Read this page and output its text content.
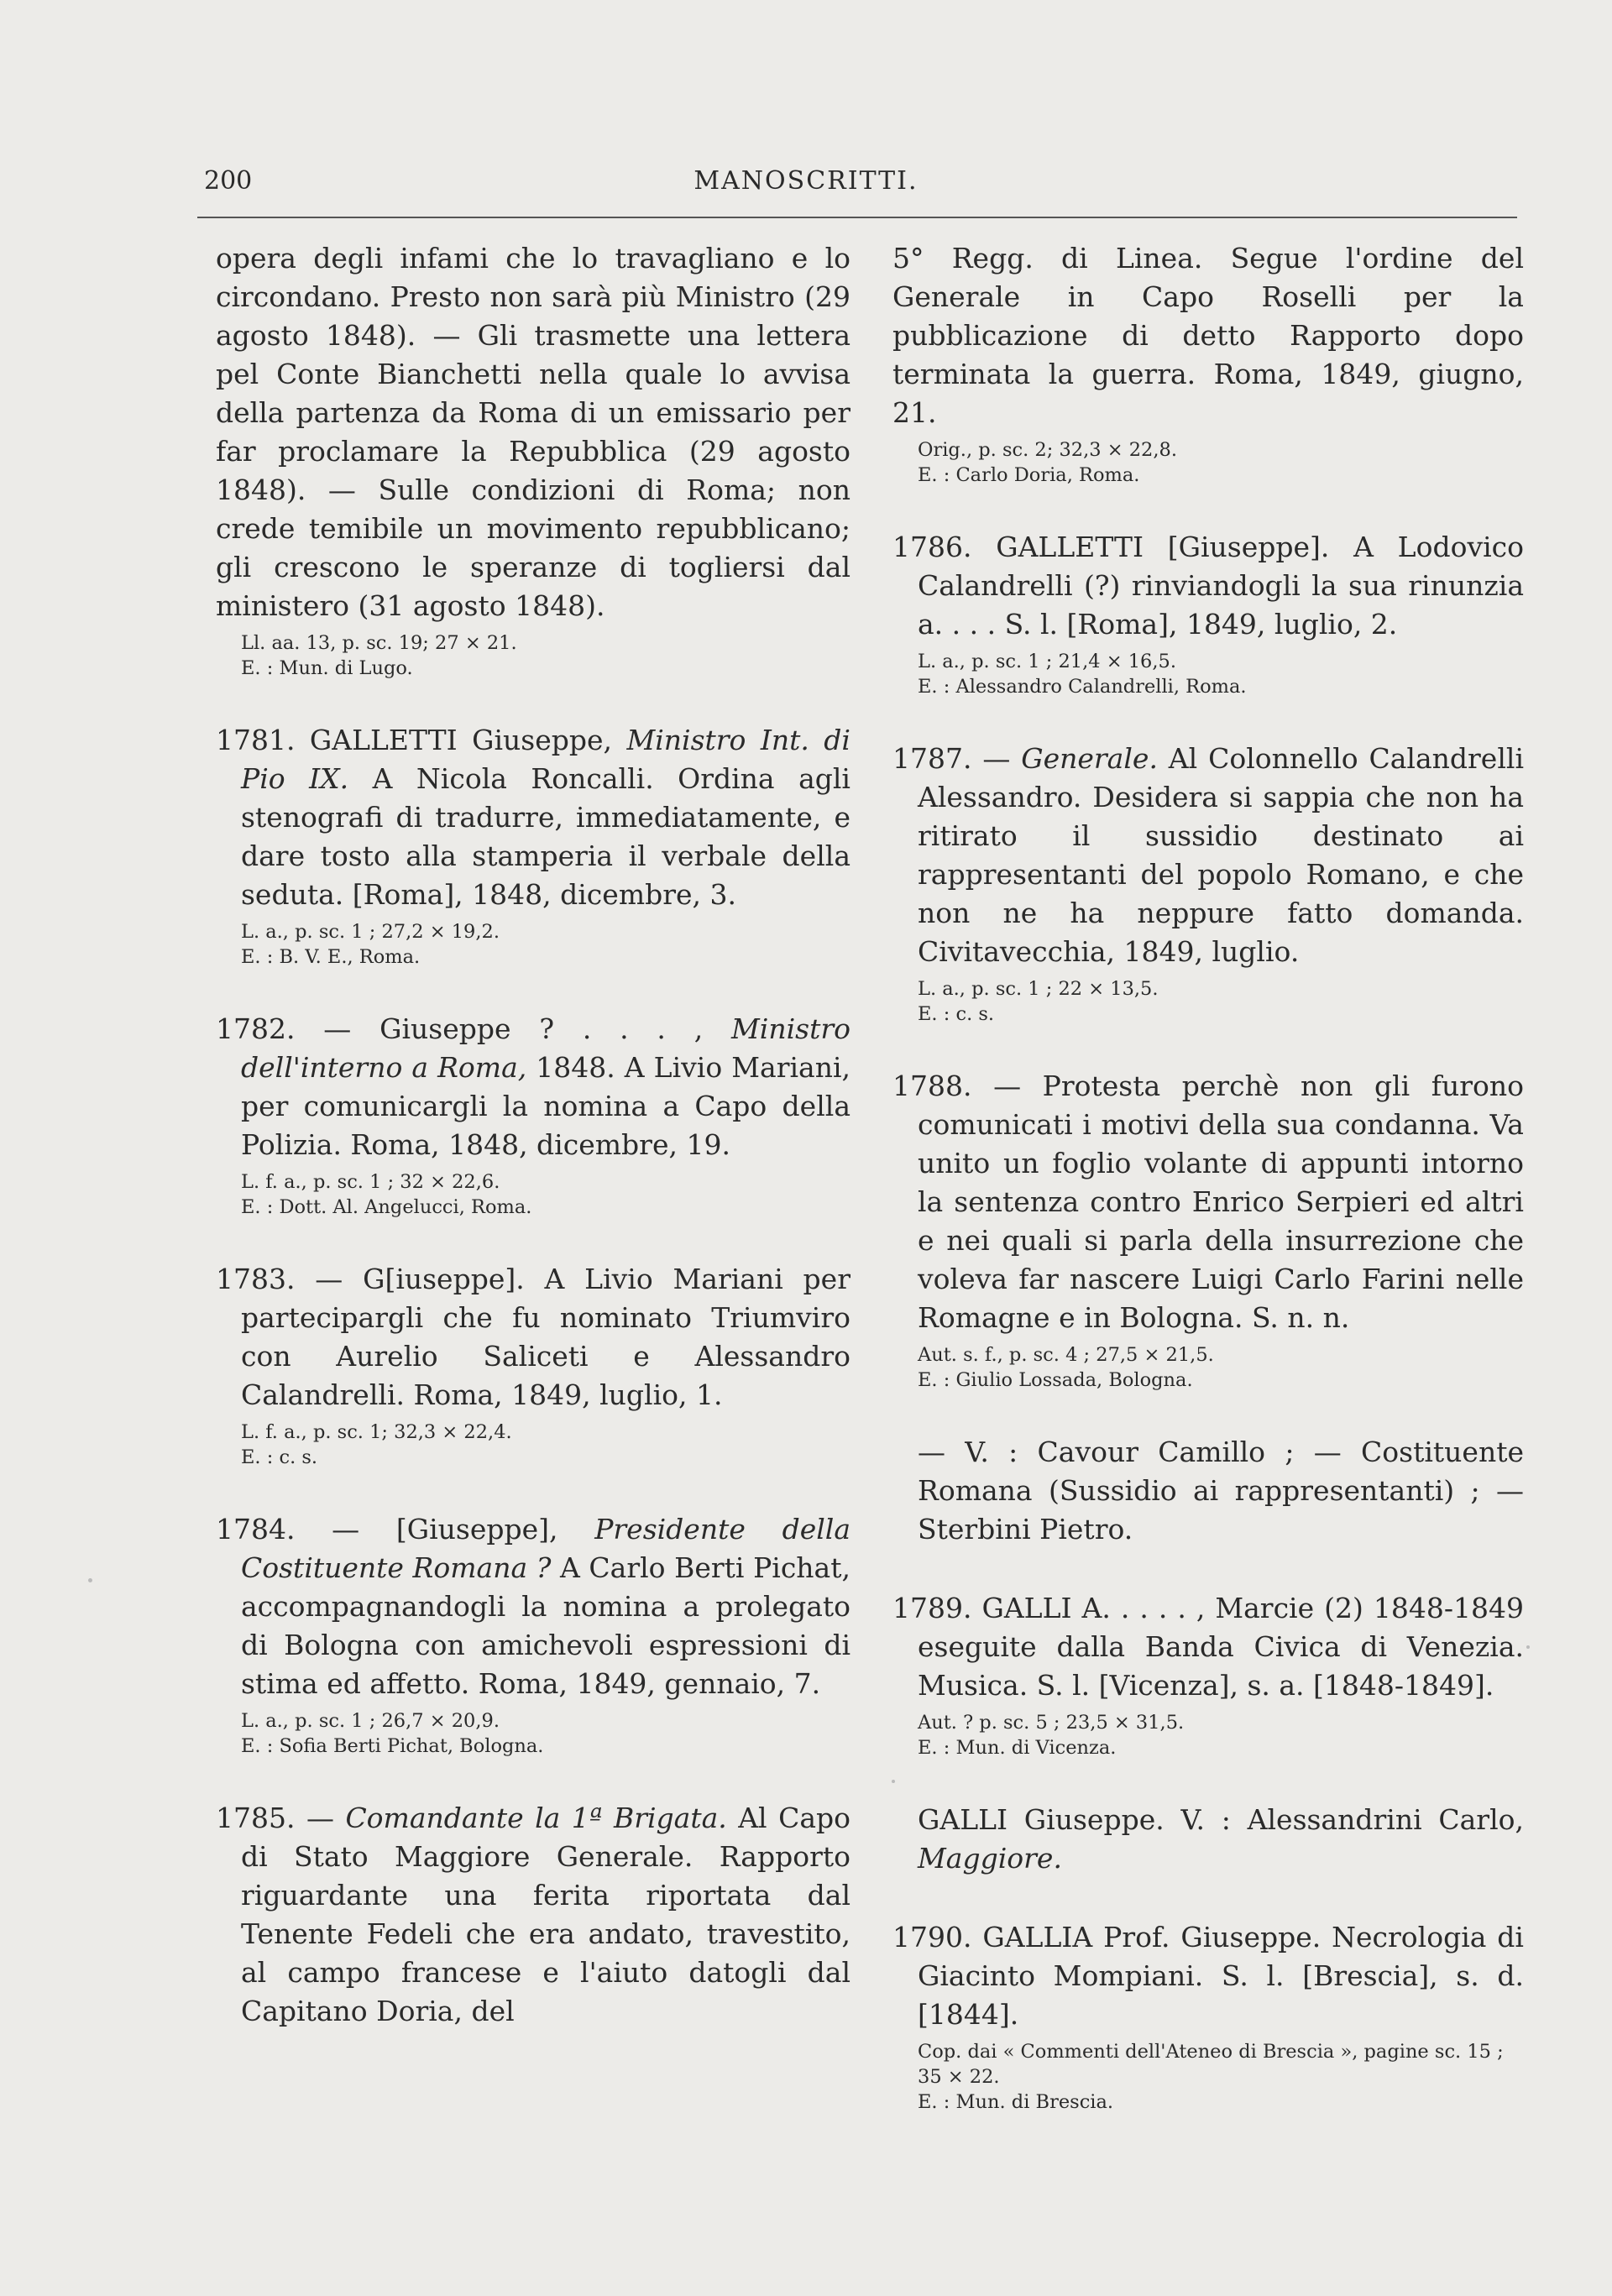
200	MANOSCRITTI.

opera degli infami che lo travagliano e lo circondano. Presto non sarà più Ministro (29 agosto 1848). — Gli trasmette una lettera pel Conte Bianchetti nella quale lo avvisa della partenza da Roma di un emissario per far proclamare la Repubblica (29 agosto 1848). — Sulle condizioni di Roma; non crede temibile un movimento repubblicano; gli crescono le speranze di togliersi dal ministero (31 agosto 1848).

Ll. aa. 13, p. sc. 19; 27 × 21.
E. : Mun. di Lugo.

1781. GALLETTI Giuseppe, Ministro Int. di Pio IX. A Nicola Roncalli. Ordina agli stenografi di tradurre, immediatamente, e dare tosto alla stamperia il verbale della seduta. [Roma], 1848, dicembre, 3.

L. a., p. sc. 1 ; 27,2 × 19,2.
E. : B. V. E., Roma.

1782. — Giuseppe ? . . . , Ministro dell'interno a Roma, 1848. A Livio Mariani, per comunicargli la nomina a Capo della Polizia. Roma, 1848, dicembre, 19.

L. f. a., p. sc. 1 ; 32 × 22,6.
E. : Dott. Al. Angelucci, Roma.

1783. — G[iuseppe]. A Livio Mariani per partecipargli che fu nominato Triumviro con Aurelio Saliceti e Alessandro Calandrelli. Roma, 1849, luglio, 1.

L. f. a., p. sc. 1; 32,3 × 22,4.
E. : c. s.

1784. — [Giuseppe], Presidente della Costituente Romana ? A Carlo Berti Pichat, accompagnandogli la nomina a prolegato di Bologna con amichevoli espressioni di stima ed affetto. Roma, 1849, gennaio, 7.

L. a., p. sc. 1 ; 26,7 × 20,9.
E. : Sofia Berti Pichat, Bologna.

1785. — Comandante la 1ª Brigata. Al Capo di Stato Maggiore Generale. Rapporto riguardante una ferita riportata dal Tenente Fedeli che era andato, travestito, al campo francese e l'aiuto datogli dal Capitano Doria, del

5° Regg. di Linea. Segue l'ordine del Generale in Capo Roselli per la pubblicazione di detto Rapporto dopo terminata la guerra. Roma, 1849, giugno, 21.

Orig., p. sc. 2; 32,3 × 22,8.
E. : Carlo Doria, Roma.

1786. GALLETTI [Giuseppe]. A Lodovico Calandrelli (?) rinviandogli la sua rinunzia a. . . . S. l. [Roma], 1849, luglio, 2.

L. a., p. sc. 1 ; 21,4 × 16,5.
E. : Alessandro Calandrelli, Roma.

1787. — Generale. Al Colonnello Calandrelli Alessandro. Desidera si sappia che non ha ritirato il sussidio destinato ai rappresentanti del popolo Romano, e che non ne ha neppure fatto domanda. Civitavecchia, 1849, luglio.

L. a., p. sc. 1 ; 22 × 13,5.
E. : c. s.

1788. — Protesta perchè non gli furono comunicati i motivi della sua condanna. Va unito un foglio volante di appunti intorno la sentenza contro Enrico Serpieri ed altri e nei quali si parla della insurrezione che voleva far nascere Luigi Carlo Farini nelle Romagne e in Bologna. S. n. n.

Aut. s. f., p. sc. 4 ; 27,5 × 21,5.
E. : Giulio Lossada, Bologna.

— V. : Cavour Camillo ; — Costituente Romana (Sussidio ai rappresentanti) ; — Sterbini Pietro.

1789. GALLI A. . . . . , Marcie (2) 1848-1849 eseguite dalla Banda Civica di Venezia. Musica. S. l. [Vicenza], s. a. [1848-1849].

Aut. ? p. sc. 5 ; 23,5 × 31,5.
E. : Mun. di Vicenza.

GALLI Giuseppe. V. : Alessandrini Carlo, Maggiore.

1790. GALLIA Prof. Giuseppe. Necrologia di Giacinto Mompiani. S. l. [Brescia], s. d. [1844].

Cop. dai « Commenti dell'Ateneo di Brescia », pagine sc. 15 ; 35 × 22.
E. : Mun. di Brescia.
